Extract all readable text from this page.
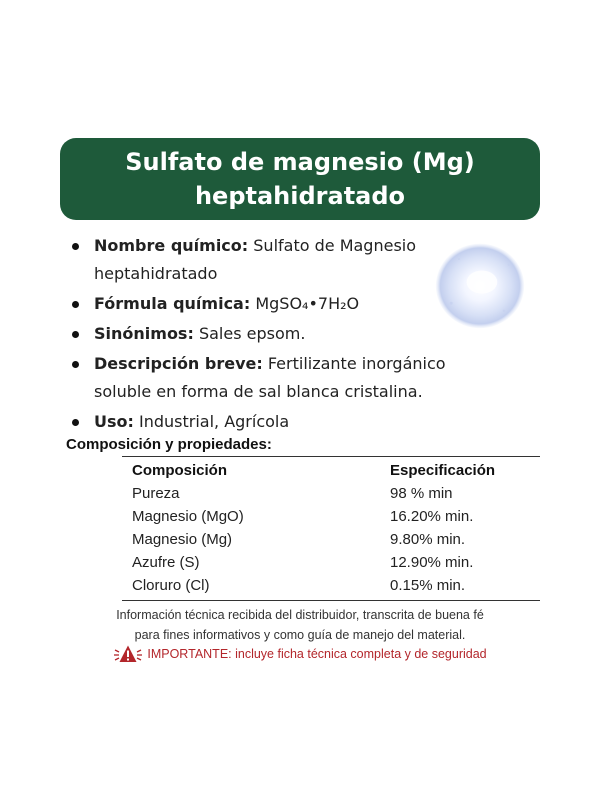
Sulfato de magnesio (Mg)
heptahidratado
Nombre químico: Sulfato de Magnesio
heptahidratado
Fórmula química: MgSO₄•7H₂O
Sinónimos: Sales epsom.
Descripción breve: Fertilizante inorgánico
soluble en forma de sal blanca cristalina.
Uso: Industrial, Agrícola
Composición y propiedades:
Composición	Especificación
Pureza	98 % min
Magnesio (MgO)	16.20% min.
Magnesio (Mg)	9.80% min.
Azufre (S)	12.90% min.
Cloruro (Cl)	0.15% min.
Información técnica recibida del distribuidor, transcrita de buena fé
para fines informativos y como guía de manejo del material.
IMPORTANTE: incluye ficha técnica completa y de seguridad
